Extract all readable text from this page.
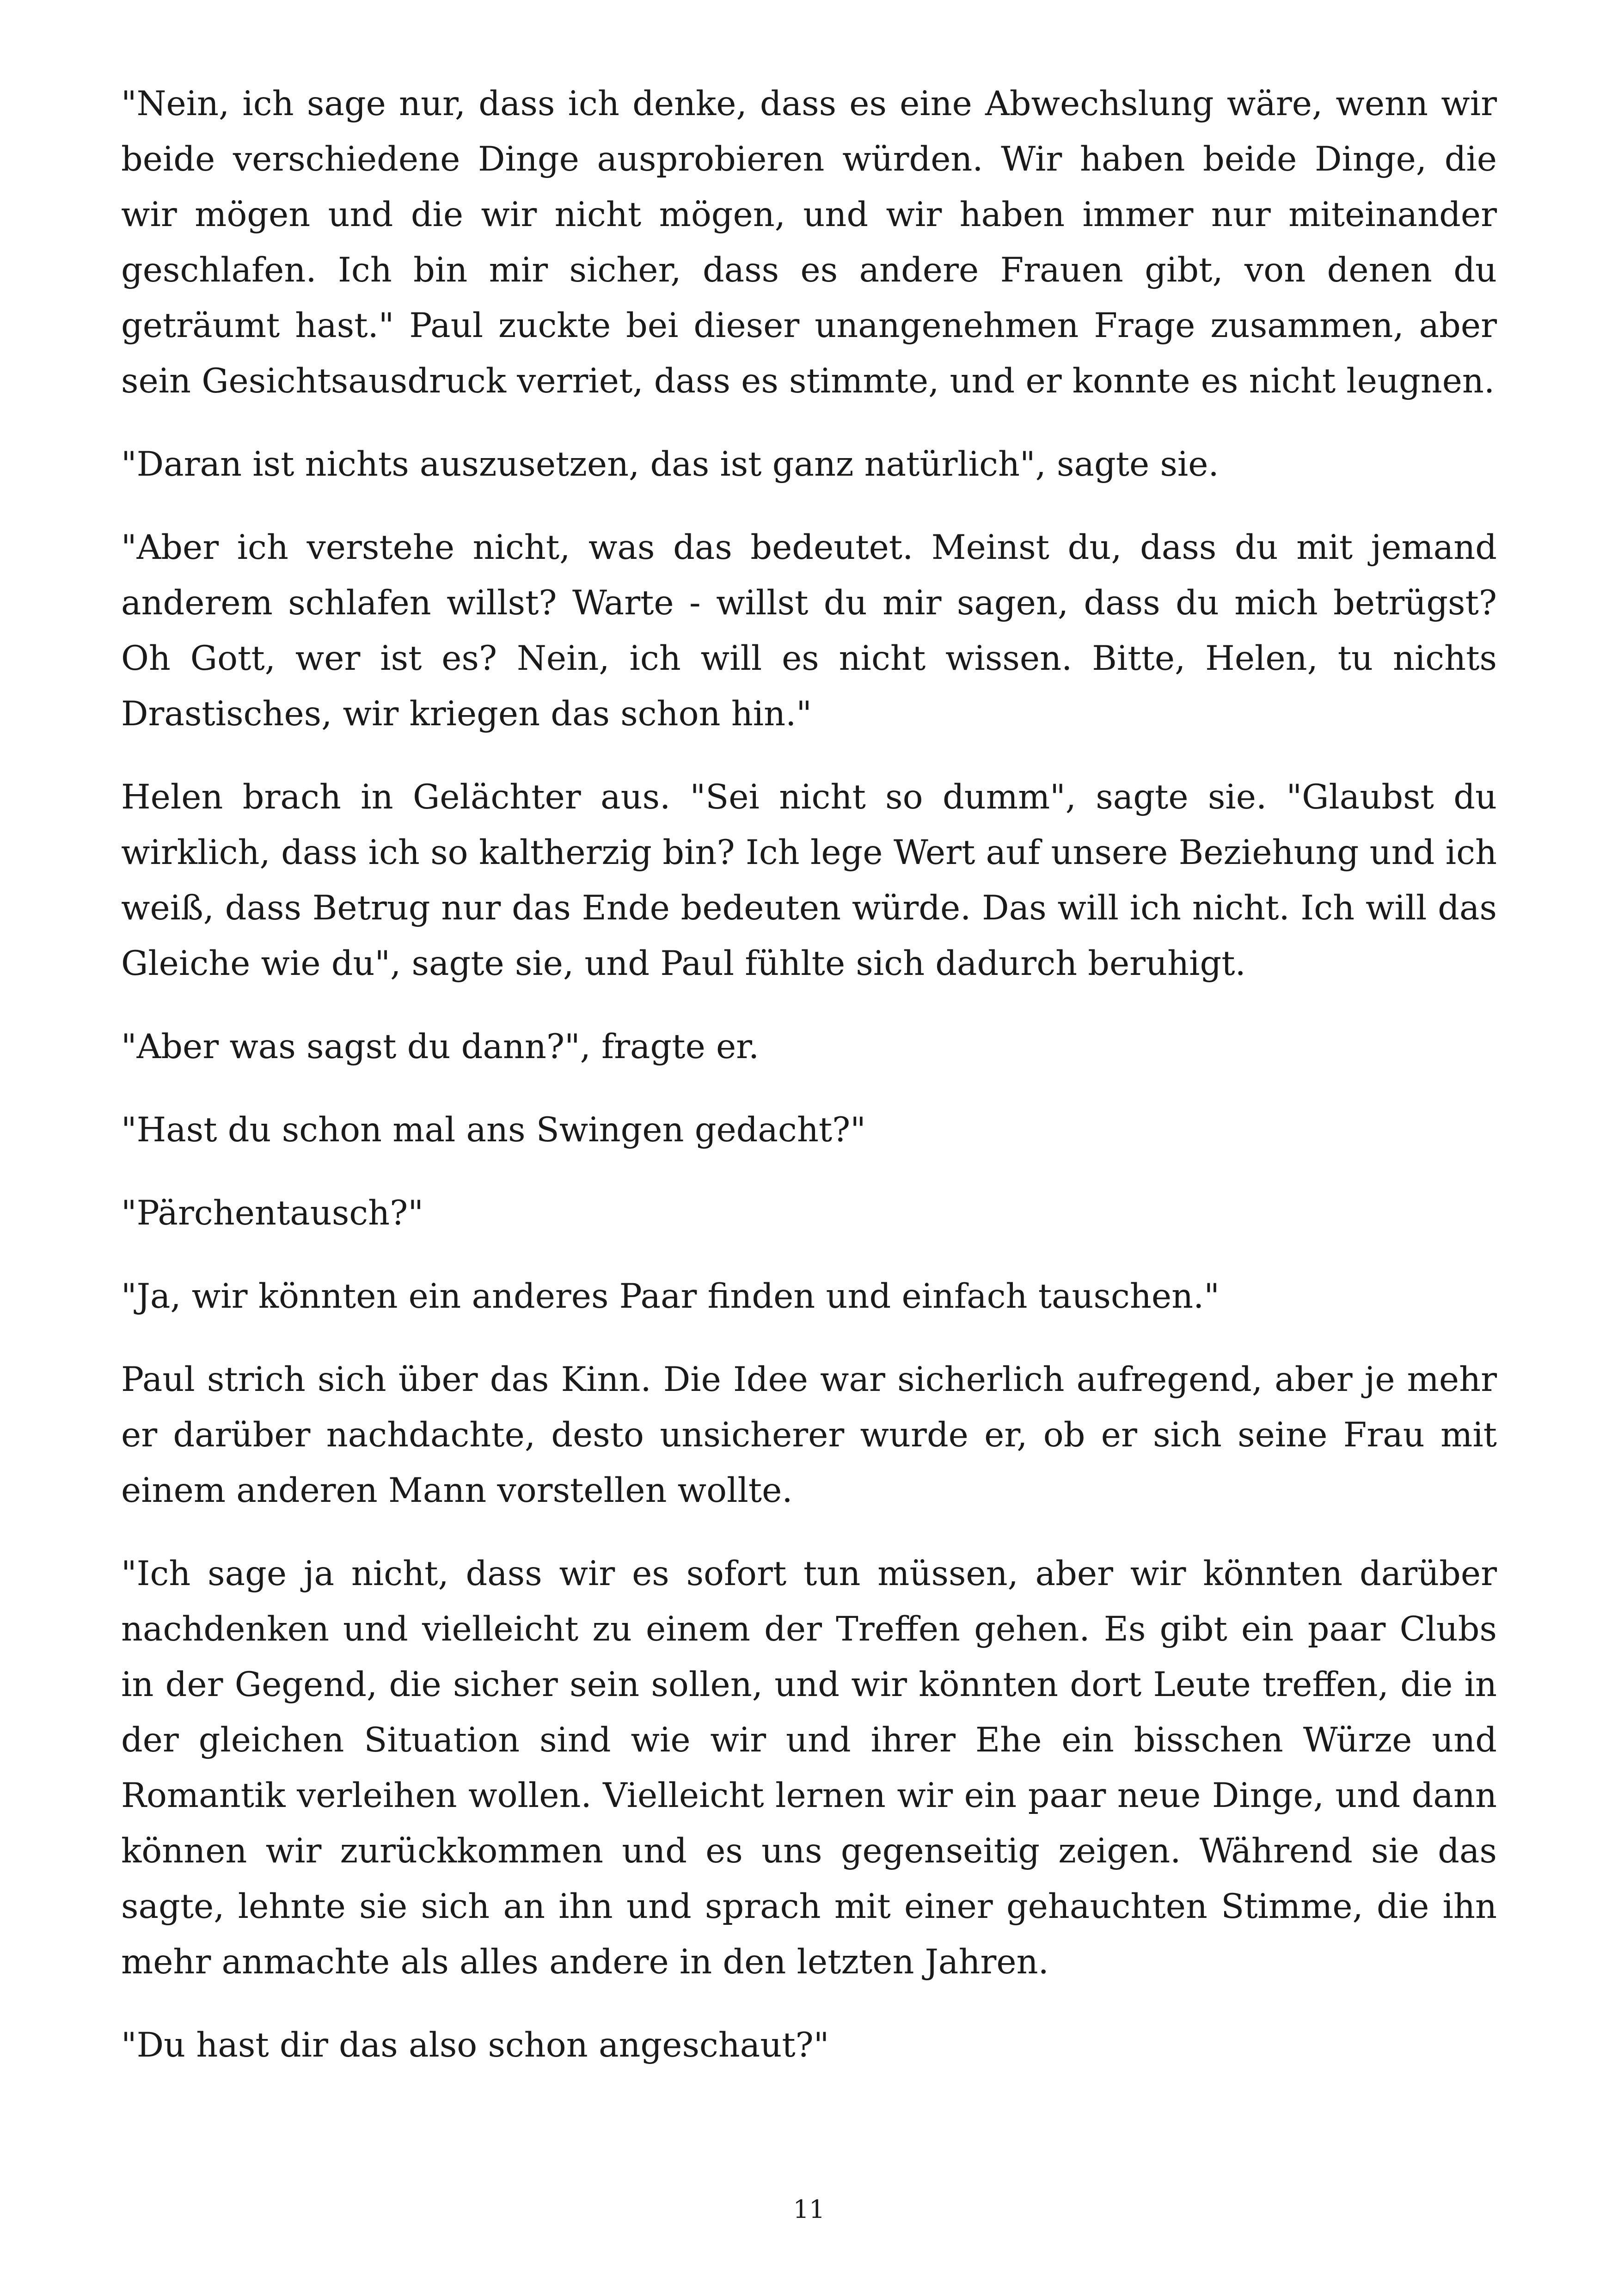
"Nein, ich sage nur, dass ich denke, dass es eine Abwechslung wäre, wenn wir beide verschiedene Dinge ausprobieren würden. Wir haben beide Dinge, die wir mögen und die wir nicht mögen, und wir haben immer nur miteinander geschlafen. Ich bin mir sicher, dass es andere Frauen gibt, von denen du geträumt hast." Paul zuckte bei dieser unangenehmen Frage zusammen, aber sein Gesichtsausdruck verriet, dass es stimmte, und er konnte es nicht leugnen.

"Daran ist nichts auszusetzen, das ist ganz natürlich", sagte sie.

"Aber ich verstehe nicht, was das bedeutet. Meinst du, dass du mit jemand anderem schlafen willst? Warte - willst du mir sagen, dass du mich betrügst? Oh Gott, wer ist es? Nein, ich will es nicht wissen. Bitte, Helen, tu nichts Drastisches, wir kriegen das schon hin."

Helen brach in Gelächter aus. "Sei nicht so dumm", sagte sie. "Glaubst du wirklich, dass ich so kaltherzig bin? Ich lege Wert auf unsere Beziehung und ich weiß, dass Betrug nur das Ende bedeuten würde. Das will ich nicht. Ich will das Gleiche wie du", sagte sie, und Paul fühlte sich dadurch beruhigt.

"Aber was sagst du dann?", fragte er.

"Hast du schon mal ans Swingen gedacht?"

"Pärchentausch?"

"Ja, wir könnten ein anderes Paar finden und einfach tauschen."

Paul strich sich über das Kinn. Die Idee war sicherlich aufregend, aber je mehr er darüber nachdachte, desto unsicherer wurde er, ob er sich seine Frau mit einem anderen Mann vorstellen wollte.

"Ich sage ja nicht, dass wir es sofort tun müssen, aber wir könnten darüber nachdenken und vielleicht zu einem der Treffen gehen. Es gibt ein paar Clubs in der Gegend, die sicher sein sollen, und wir könnten dort Leute treffen, die in der gleichen Situation sind wie wir und ihrer Ehe ein bisschen Würze und Romantik verleihen wollen. Vielleicht lernen wir ein paar neue Dinge, und dann können wir zurückkommen und es uns gegenseitig zeigen. Während sie das sagte, lehnte sie sich an ihn und sprach mit einer gehauchten Stimme, die ihn mehr anmachte als alles andere in den letzten Jahren.

"Du hast dir das also schon angeschaut?"

11
